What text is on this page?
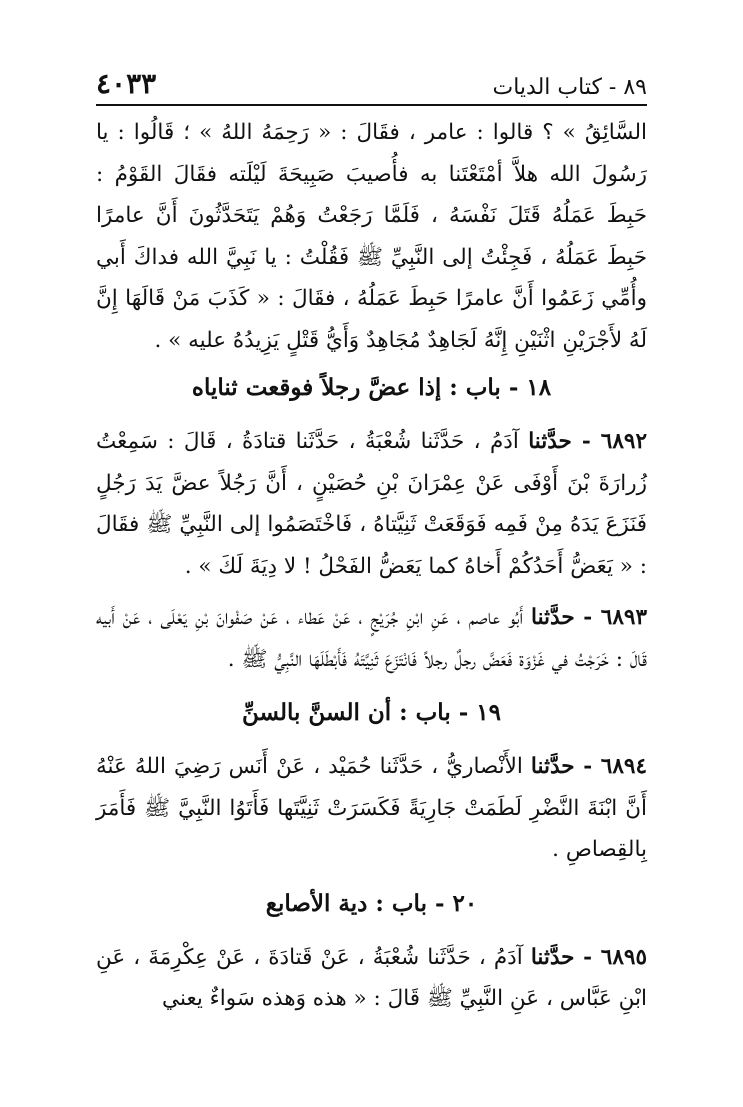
٨٩ - كتاب الديات
٤٠٣٣

السَّائِقُ » ؟ قالوا : عامر ، فقَالَ : « رَحِمَهُ اللهُ » ؛ قَالُوا : يا رَسُولَ الله هلاَّ أمْتَعْتَنا به فأُصيبَ صَبِيحَةَ لَيْلَته فقَالَ القَوْمُ : حَبِطَ عَمَلُهُ قَتَلَ نَفْسَهُ ، فَلَمَّا رَجَعْتُ وَهُمْ يَتَحَدَّثُونَ أَنَّ عامرًا حَبِطَ عَمَلُهُ ، فَجِئْتُ إلى النَّبِيِّ ﷺ فَقُلْتُ : يا نَبِيَّ الله فداكَ أَبي وأُمِّي زَعَمُوا أَنَّ عامرًا حَبِطَ عَمَلُهُ ، فقَالَ : « كَذَبَ مَنْ قَالَهَا إِنَّ لَهُ لأَجْرَيْنِ اثْنَيْنِ إِنَّهُ لَجَاهِدٌ مُجَاهِدٌ وَأَيُّ قَتْلٍ يَزِيدُهُ عليه » .

١٨ - باب : إذا عضَّ رجلاً فوقعت ثناياه

٦٨٩٢ - حدَّثنا آدَمُ ، حَدَّثَنا شُعْبَةُ ، حَدَّثَنا قتادَةُ ، قَالَ : سَمِعْتُ زُرارَةَ بْنَ أَوْفَى عَنْ عِمْرَانَ بْنِ حُصَيْنٍ ، أَنَّ رَجُلاً عضَّ يَدَ رَجُلٍ فَنَزَعَ يَدَهُ مِنْ فَمِه فَوَقَعَتْ ثَنِيَّتاهُ ، فَاخْتَصَمُوا إلى النَّبِيِّ ﷺ فقَالَ : « يَعَضُّ أَحَدُكُمْ أَخاهُ كما يَعَضُّ الفَحْلُ ! لا دِيَةَ لَكَ » .

٦٨٩٣ - حدَّثنا أَبُو عاصم ، عَنِ ابْنِ جُرَيْجٍ ، عَنْ عَطاء ، عَنْ صَفْوانَ بْنِ يَعْلَى ، عَنْ أَبيه قَالَ : خَرَجْتُ في غَزْوَة فَعَضَّ رجلٌ رجلاً فَانْتَزَعَ ثَنِيَّتَهُ فَأَبْطَلَهَا النَّبِيُّ ﷺ .

١٩ - باب : أن السنَّ بالسنِّ

٦٨٩٤ - حدَّثنا الأَنْصاريُّ ، حَدَّثَنا حُمَيْد ، عَنْ أَنَس رَضِيَ اللهُ عَنْهُ أَنَّ ابْنَةَ النَّضْرِ لَطَمَتْ جَارِيَةً فَكَسَرَتْ ثَنِيَّتَها فَأَتَوُا النَّبِيَّ ﷺ فَأَمَرَ بِالقِصاصِ .

٢٠ - باب : دية الأصابع

٦٨٩٥ - حدَّثنا آدَمُ ، حَدَّثَنا شُعْبَةُ ، عَنْ قَتادَةَ ، عَنْ عِكْرِمَةَ ، عَنِ ابْنِ عَبَّاس ، عَنِ النَّبِيِّ ﷺ قَالَ : « هذه وَهذه سَواءٌ يعني
